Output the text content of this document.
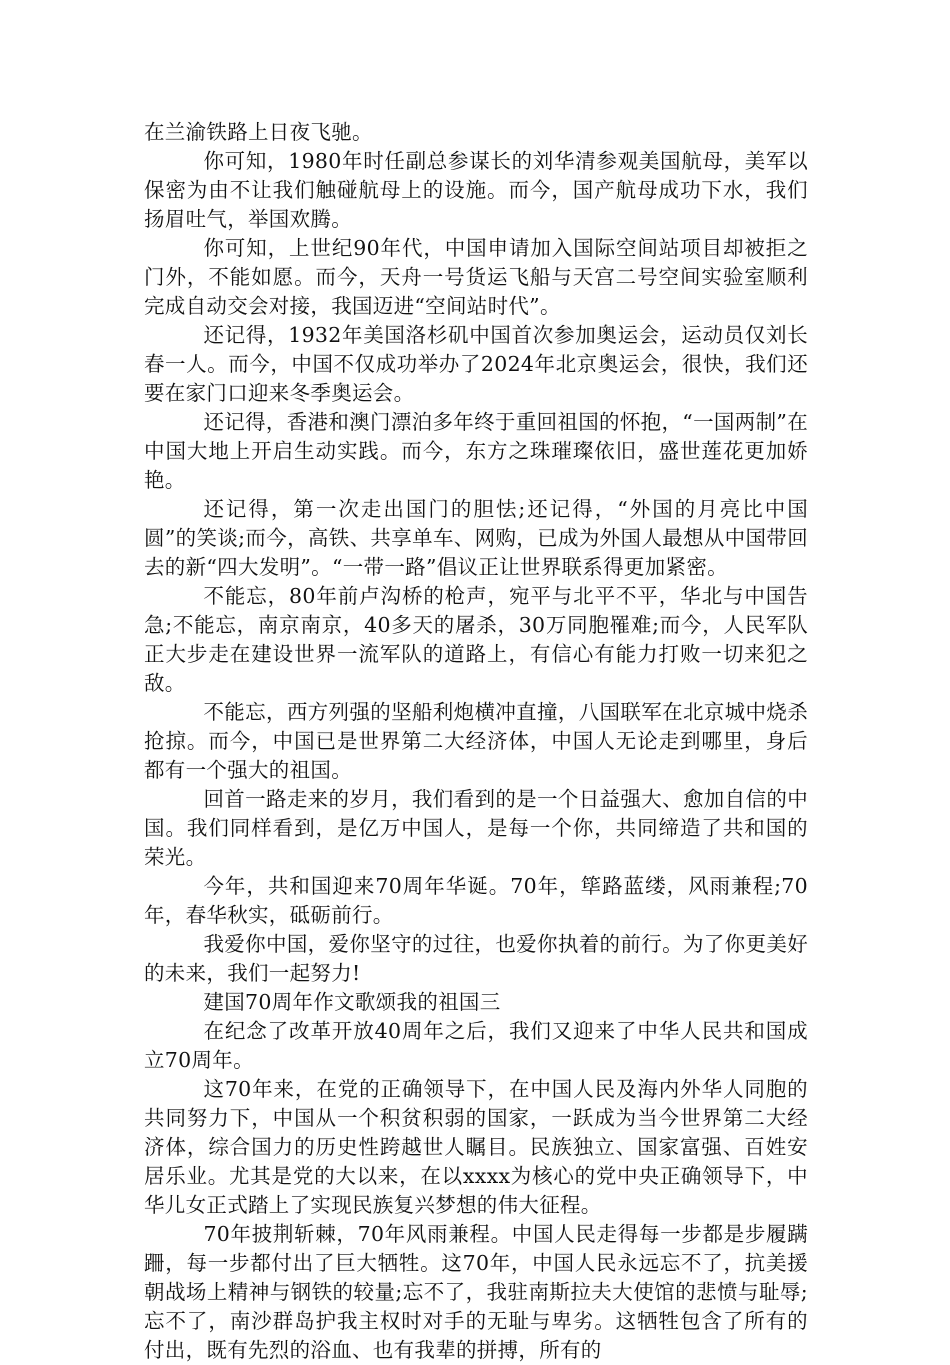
在兰渝铁路上日夜飞驰。

你可知，1980年时任副总参谋长的刘华清参观美国航母，美军以保密为由不让我们触碰航母上的设施。而今，国产航母成功下水，我们扬眉吐气，举国欢腾。

你可知，上世纪90年代，中国申请加入国际空间站项目却被拒之门外，不能如愿。而今，天舟一号货运飞船与天宫二号空间实验室顺利完成自动交会对接，我国迈进“空间站时代”。

还记得，1932年美国洛杉矶中国首次参加奥运会，运动员仅刘长春一人。而今，中国不仅成功举办了2024年北京奥运会，很快，我们还要在家门口迎来冬季奥运会。

还记得，香港和澳门漂泊多年终于重回祖国的怀抱，“一国两制”在中国大地上开启生动实践。而今，东方之珠璀璨依旧，盛世莲花更加娇艳。

还记得，第一次走出国门的胆怯;还记得，“外国的月亮比中国圆”的笑谈;而今，高铁、共享单车、网购，已成为外国人最想从中国带回去的新“四大发明”。“一带一路”倡议正让世界联系得更加紧密。

不能忘，80年前卢沟桥的枪声，宛平与北平不平，华北与中国告急;不能忘，南京南京，40多天的屠杀，30万同胞罹难;而今，人民军队正大步走在建设世界一流军队的道路上，有信心有能力打败一切来犯之敌。

不能忘，西方列强的坚船利炮横冲直撞，八国联军在北京城中烧杀抢掠。而今，中国已是世界第二大经济体，中国人无论走到哪里，身后都有一个强大的祖国。

回首一路走来的岁月，我们看到的是一个日益强大、愈加自信的中国。我们同样看到，是亿万中国人，是每一个你，共同缔造了共和国的荣光。

今年，共和国迎来70周年华诞。70年，筚路蓝缕，风雨兼程;70年，春华秋实，砥砺前行。

我爱你中国，爱你坚守的过往，也爱你执着的前行。为了你更美好的未来，我们一起努力!

建国70周年作文歌颂我的祖国三

在纪念了改革开放40周年之后，我们又迎来了中华人民共和国成立70周年。

这70年来，在党的正确领导下，在中国人民及海内外华人同胞的共同努力下，中国从一个积贫积弱的国家，一跃成为当今世界第二大经济体，综合国力的历史性跨越世人瞩目。民族独立、国家富强、百姓安居乐业。尤其是党的大以来，在以xxxx为核心的党中央正确领导下，中华儿女正式踏上了实现民族复兴梦想的伟大征程。

70年披荆斩棘，70年风雨兼程。中国人民走得每一步都是步履蹒跚，每一步都付出了巨大牺牲。这70年，中国人民永远忘不了，抗美援朝战场上精神与钢铁的较量;忘不了，我驻南斯拉夫大使馆的悲愤与耻辱;忘不了，南沙群岛护我主权时对手的无耻与卑劣。这牺牲包含了所有的付出，既有先烈的浴血、也有我辈的拼搏，所有的
